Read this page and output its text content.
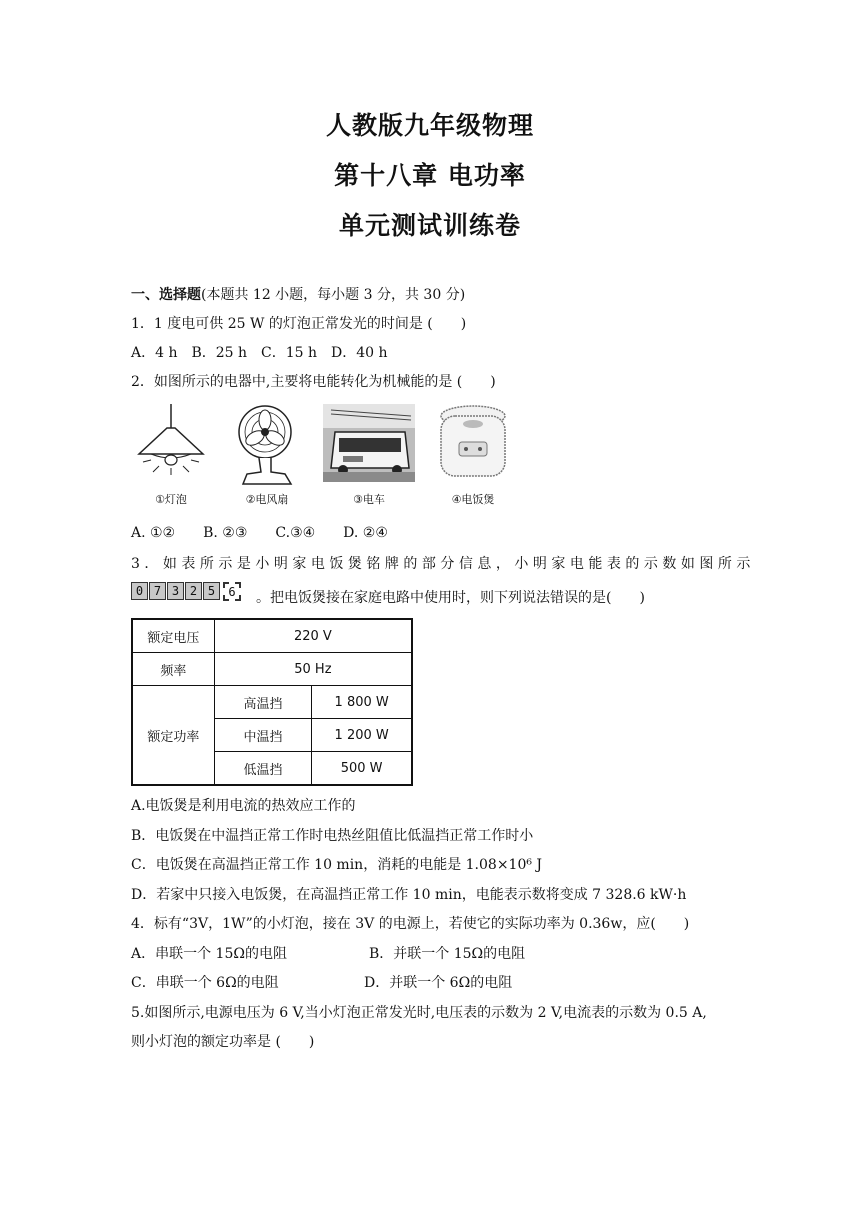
人教版九年级物理
第十八章 电功率
单元测试训练卷
一、选择题(本题共 12 小题，每小题 3 分，共 30 分)
1．1 度电可供 25 W 的灯泡正常发光的时间是 (　　)
A．4 h　B．25 h　C．15 h　D．40 h
2．如图所示的电器中,主要将电能转化为机械能的是 (　　)
①灯泡	②电风扇	③电车	④电饭煲
A. ①②　　B. ②③　　C.③④　　D. ②④
3．如表所示是小明家电饭煲铭牌的部分信息，小明家电能表的示数如图所示
0 7 3 2 5	6	。把电饭煲接在家庭电路中使用时，则下列说法错误的是(　　)
额定电压	220 V	
频率	50 Hz	
额定功率	高温挡	1 800 W
	中温挡	1 200 W
	低温挡	500 W
A.电饭煲是利用电流的热效应工作的
B．电饭煲在中温挡正常工作时电热丝阻值比低温挡正常工作时小
C．电饭煲在高温挡正常工作 10 min，消耗的电能是 1.08×10⁶ J
D．若家中只接入电饭煲，在高温挡正常工作 10 min，电能表示数将变成 7 328.6 kW·h
4．标有“3V，1W”的小灯泡，接在 3V 的电源上，若使它的实际功率为 0.36w，应(　　)
A．串联一个 15Ω的电阻	B．并联一个 15Ω的电阻
C．串联一个 6Ω的电阻	D．并联一个 6Ω的电阻
5.如图所示,电源电压为 6 V,当小灯泡正常发光时,电压表的示数为 2 V,电流表的示数为 0.5 A,
则小灯泡的额定功率是 (　　)
